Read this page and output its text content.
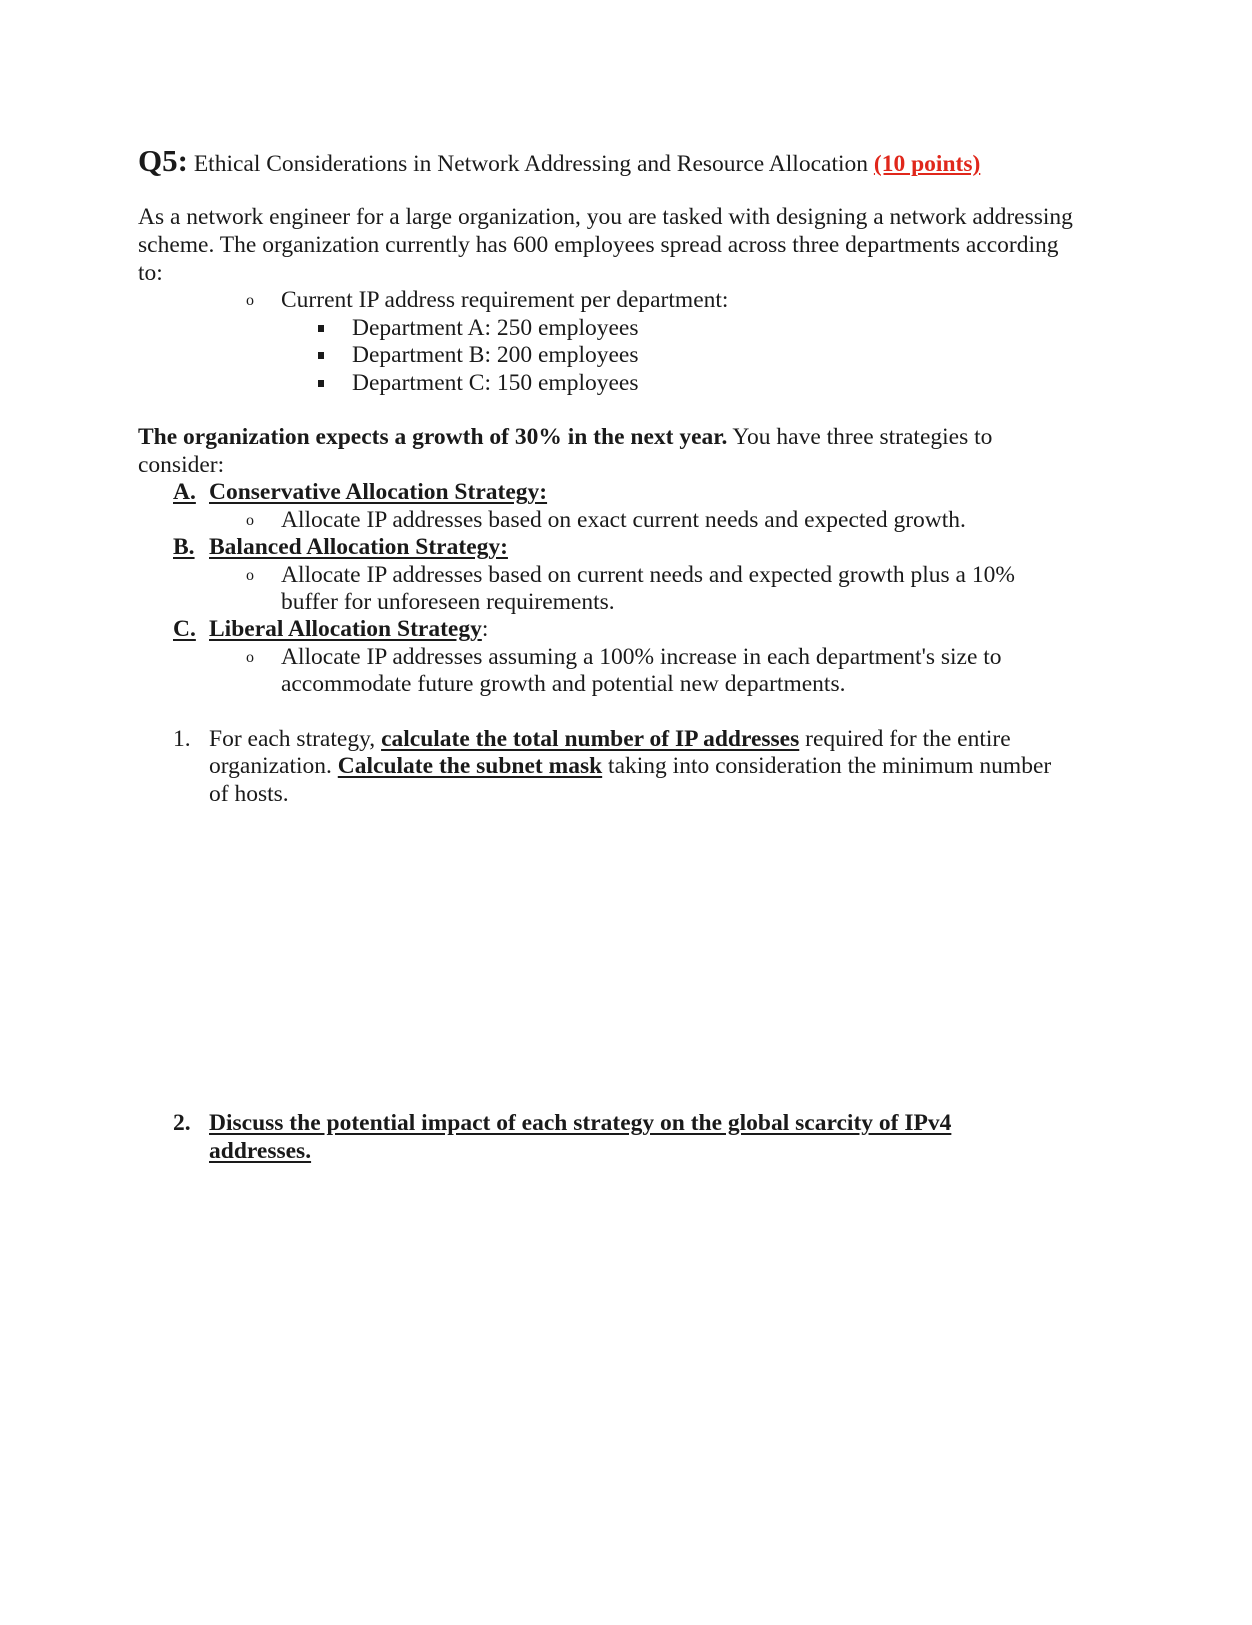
Q5: Ethical Considerations in Network Addressing and Resource Allocation (10 points)
As a network engineer for a large organization, you are tasked with designing a network addressing
scheme. The organization currently has 600 employees spread across three departments according
to:
o Current IP address requirement per department:
Department A: 250 employees
Department B: 200 employees
Department C: 150 employees
The organization expects a growth of 30% in the next year. You have three strategies to
consider:
A. Conservative Allocation Strategy:
o Allocate IP addresses based on exact current needs and expected growth.
B. Balanced Allocation Strategy:
o Allocate IP addresses based on current needs and expected growth plus a 10%
buffer for unforeseen requirements.
C. Liberal Allocation Strategy:
o Allocate IP addresses assuming a 100% increase in each department's size to
accommodate future growth and potential new departments.
1. For each strategy, calculate the total number of IP addresses required for the entire
organization. Calculate the subnet mask taking into consideration the minimum number
of hosts.
2. Discuss the potential impact of each strategy on the global scarcity of IPv4
addresses.
